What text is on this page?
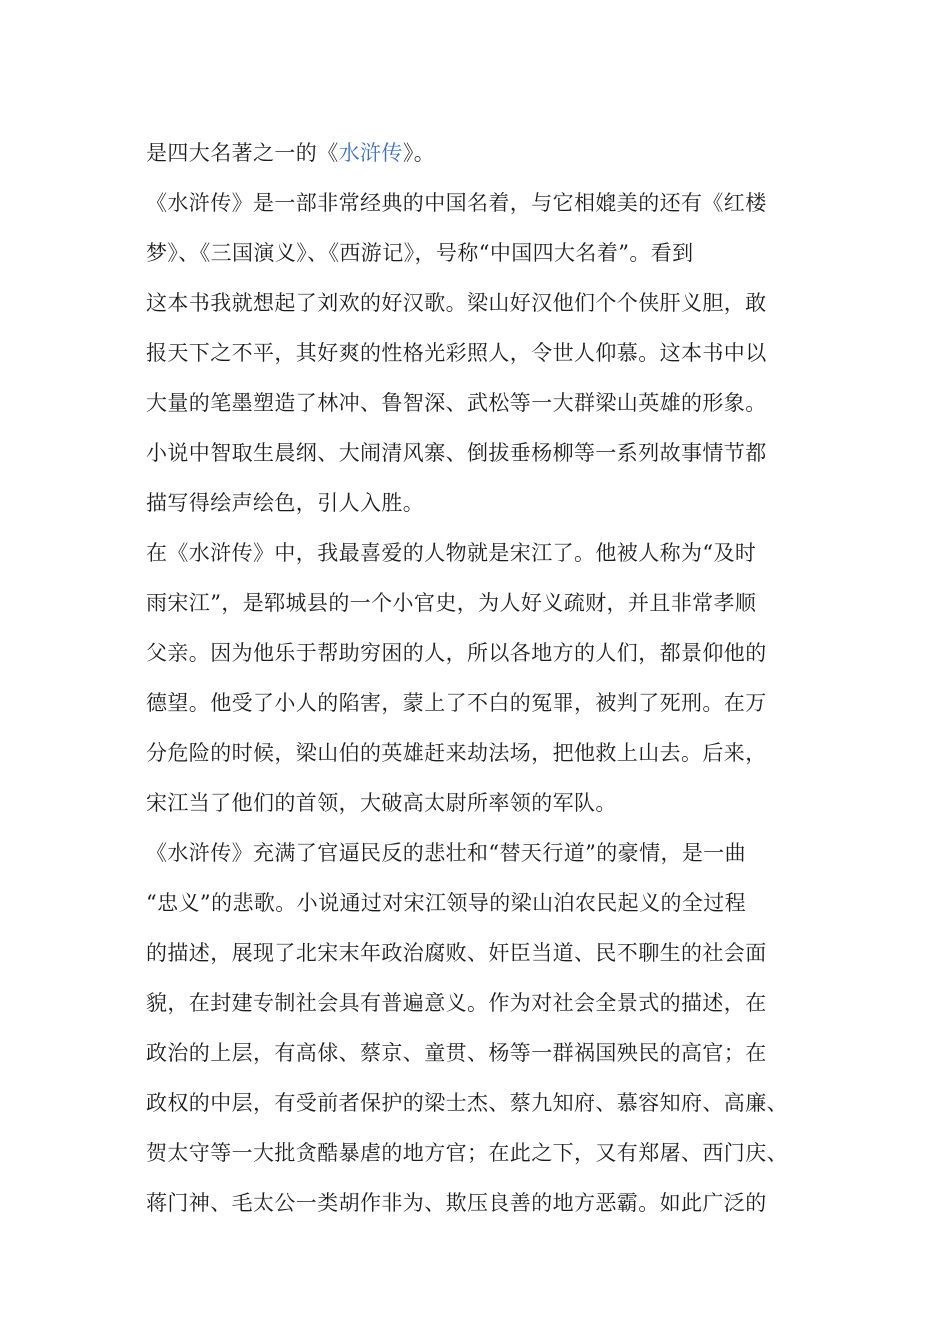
是四大名著之一的《水浒传》。
《水浒传》是一部非常经典的中国名着，与它相媲美的还有《红楼
梦》、《三国演义》、《西游记》，号称“中国四大名着”。看到
这本书我就想起了刘欢的好汉歌。梁山好汉他们个个侠肝义胆，敢
报天下之不平，其好爽的性格光彩照人，令世人仰慕。这本书中以
大量的笔墨塑造了林冲、鲁智深、武松等一大群梁山英雄的形象。
小说中智取生晨纲、大闹清风寨、倒拔垂杨柳等一系列故事情节都
描写得绘声绘色，引人入胜。
在《水浒传》中，我最喜爱的人物就是宋江了。他被人称为“及时
雨宋江”，是郓城县的一个小官史，为人好义疏财，并且非常孝顺
父亲。因为他乐于帮助穷困的人，所以各地方的人们，都景仰他的
德望。他受了小人的陷害，蒙上了不白的冤罪，被判了死刑。在万
分危险的时候，梁山伯的英雄赶来劫法场，把他救上山去。后来，
宋江当了他们的首领，大破高太尉所率领的军队。
《水浒传》充满了官逼民反的悲壮和“替天行道”的豪情，是一曲
“忠义”的悲歌。小说通过对宋江领导的梁山泊农民起义的全过程
的描述，展现了北宋末年政治腐败、奸臣当道、民不聊生的社会面
貌，在封建专制社会具有普遍意义。作为对社会全景式的描述，在
政治的上层，有高俅、蔡京、童贯、杨等一群祸国殃民的高官；在
政权的中层，有受前者保护的梁士杰、蔡九知府、慕容知府、高廉、
贺太守等一大批贪酷暴虐的地方官；在此之下，又有郑屠、西门庆、
蒋门神、毛太公一类胡作非为、欺压良善的地方恶霸。如此广泛的
